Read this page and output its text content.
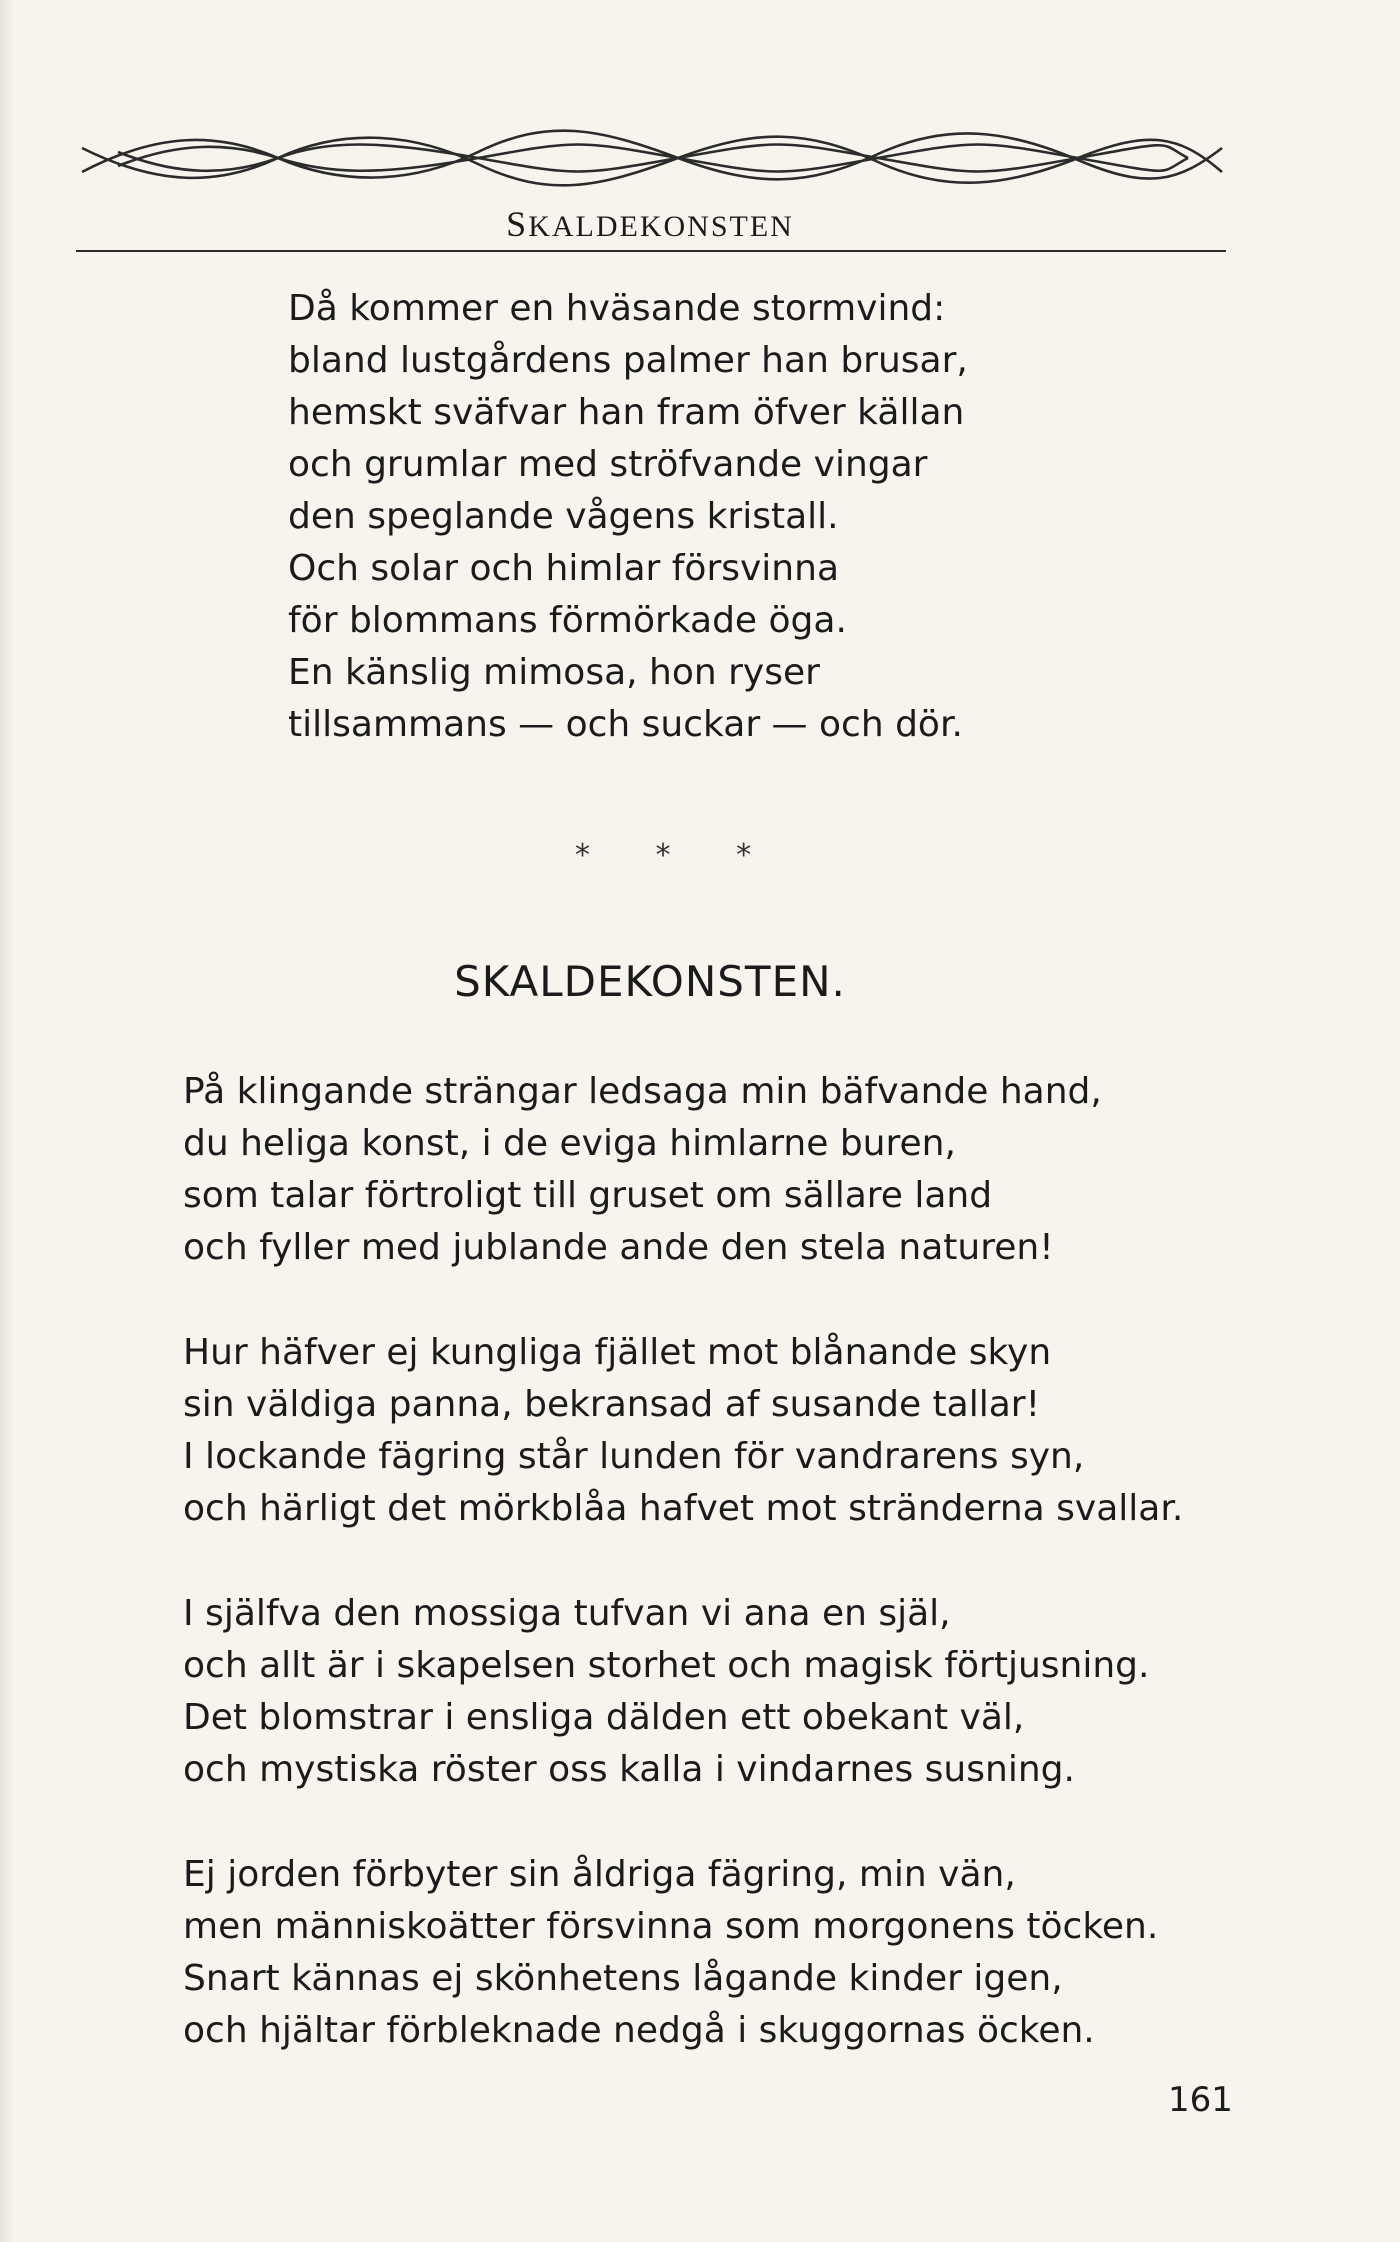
SKALDEKONSTEN
Då kommer en hväsande stormvind:
bland lustgårdens palmer han brusar,
hemskt sväfvar han fram öfver källan
och grumlar med ströfvande vingar
den speglande vågens kristall.
Och solar och himlar försvinna
för blommans förmörkade öga.
En känslig mimosa, hon ryser
tillsammans — och suckar — och dör.
* * *
SKALDEKONSTEN.
På klingande strängar ledsaga min bäfvande hand,
du heliga konst, i de eviga himlarne buren,
som talar förtroligt till gruset om sällare land
och fyller med jublande ande den stela naturen!
Hur häfver ej kungliga fjället mot blånande skyn
sin väldiga panna, bekransad af susande tallar!
I lockande fägring står lunden för vandrarens syn,
och härligt det mörkblåa hafvet mot stränderna svallar.
I själfva den mossiga tufvan vi ana en själ,
och allt är i skapelsen storhet och magisk förtjusning.
Det blomstrar i ensliga dälden ett obekant väl,
och mystiska röster oss kalla i vindarnes susning.
Ej jorden förbyter sin åldriga fägring, min vän,
men människoätter försvinna som morgonens töcken.
Snart kännas ej skönhetens lågande kinder igen,
och hjältar förbleknade nedgå i skuggornas öcken.
161
